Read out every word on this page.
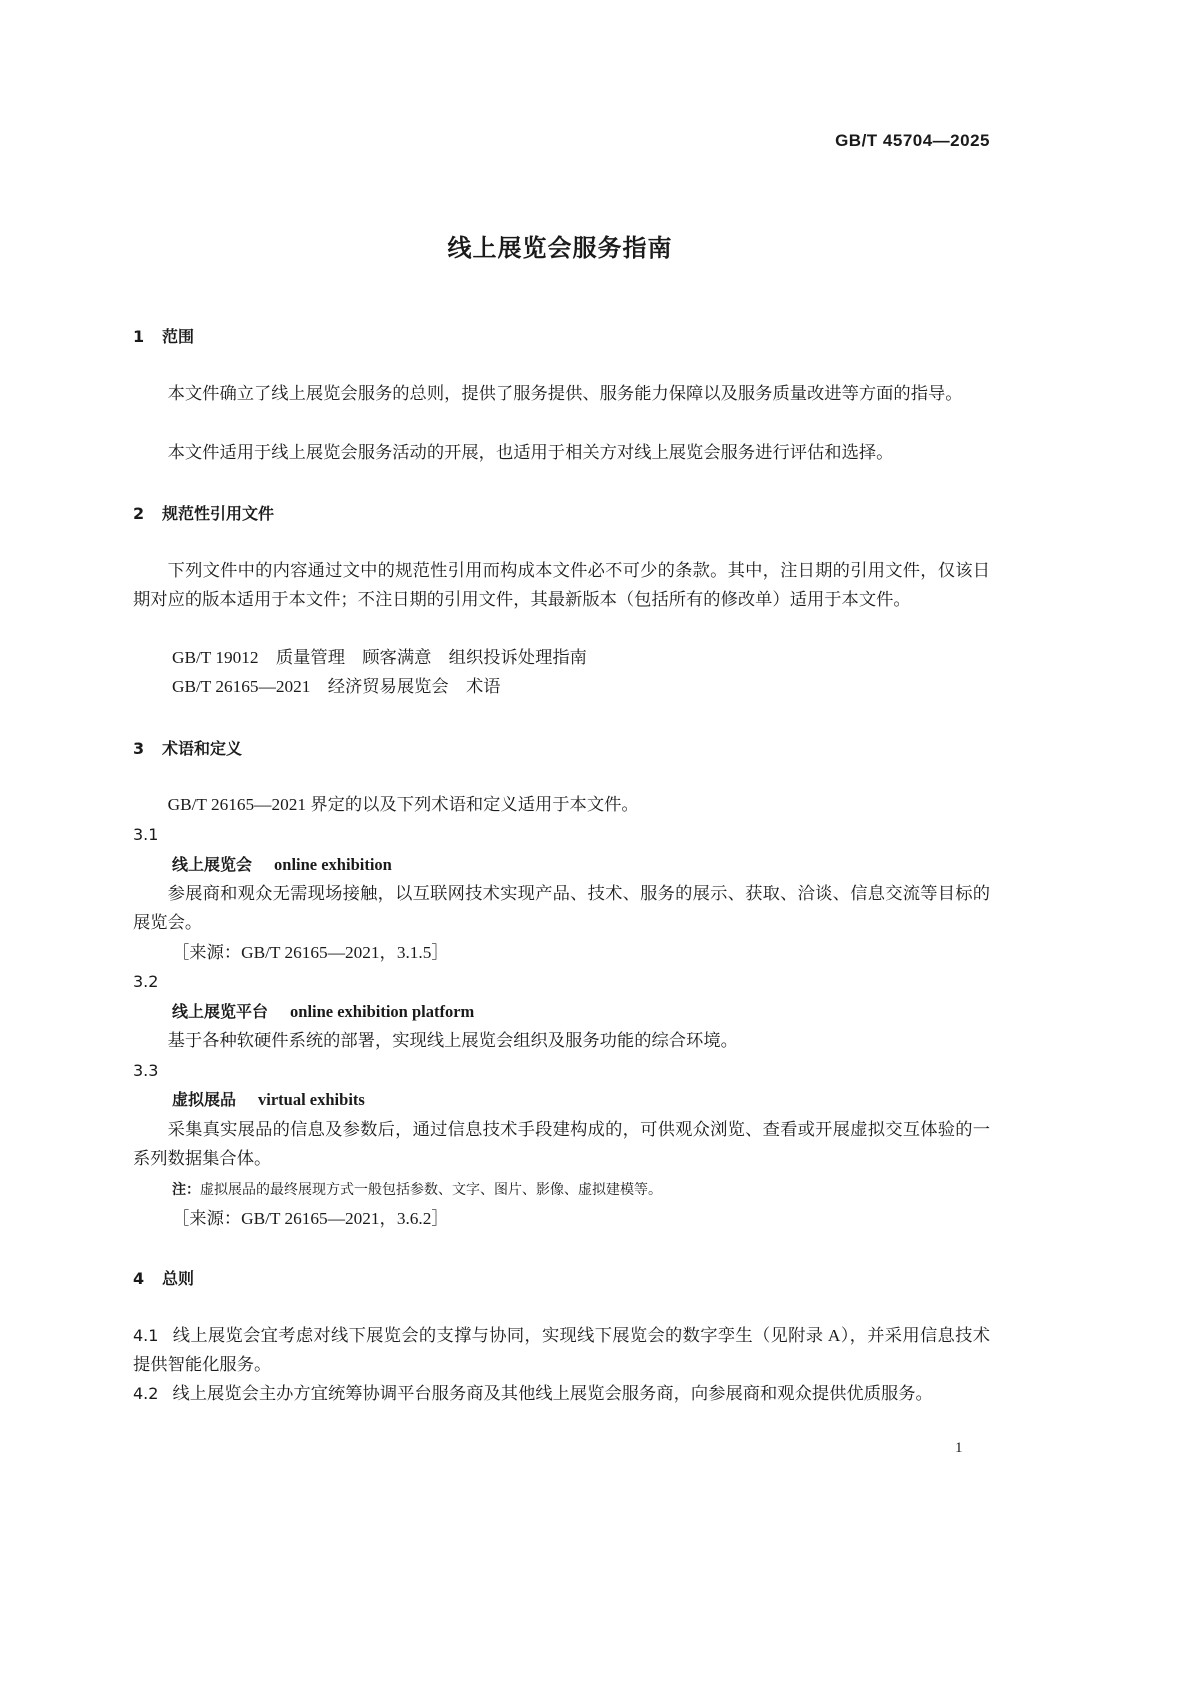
GB/T 45704—2025
线上展览会服务指南
1 范围
本文件确立了线上展览会服务的总则，提供了服务提供、服务能力保障以及服务质量改进等方面的指导。
本文件适用于线上展览会服务活动的开展，也适用于相关方对线上展览会服务进行评估和选择。
2 规范性引用文件
下列文件中的内容通过文中的规范性引用而构成本文件必不可少的条款。其中，注日期的引用文件，仅该日期对应的版本适用于本文件；不注日期的引用文件，其最新版本（包括所有的修改单）适用于本文件。
GB/T 19012　质量管理　顾客满意　组织投诉处理指南
GB/T 26165—2021　经济贸易展览会　术语
3 术语和定义
GB/T 26165—2021 界定的以及下列术语和定义适用于本文件。
3.1
线上展览会 online exhibition
参展商和观众无需现场接触，以互联网技术实现产品、技术、服务的展示、获取、洽谈、信息交流等目标的展览会。
［来源：GB/T 26165—2021，3.1.5］
3.2
线上展览平台 online exhibition platform
基于各种软硬件系统的部署，实现线上展览会组织及服务功能的综合环境。
3.3
虚拟展品 virtual exhibits
采集真实展品的信息及参数后，通过信息技术手段建构成的，可供观众浏览、查看或开展虚拟交互体验的一系列数据集合体。
注：虚拟展品的最终展现方式一般包括参数、文字、图片、影像、虚拟建模等。
［来源：GB/T 26165—2021，3.6.2］
4 总则
4.1 线上展览会宜考虑对线下展览会的支撑与协同，实现线下展览会的数字孪生（见附录 A），并采用信息技术提供智能化服务。
4.2 线上展览会主办方宜统筹协调平台服务商及其他线上展览会服务商，向参展商和观众提供优质服务。
1
